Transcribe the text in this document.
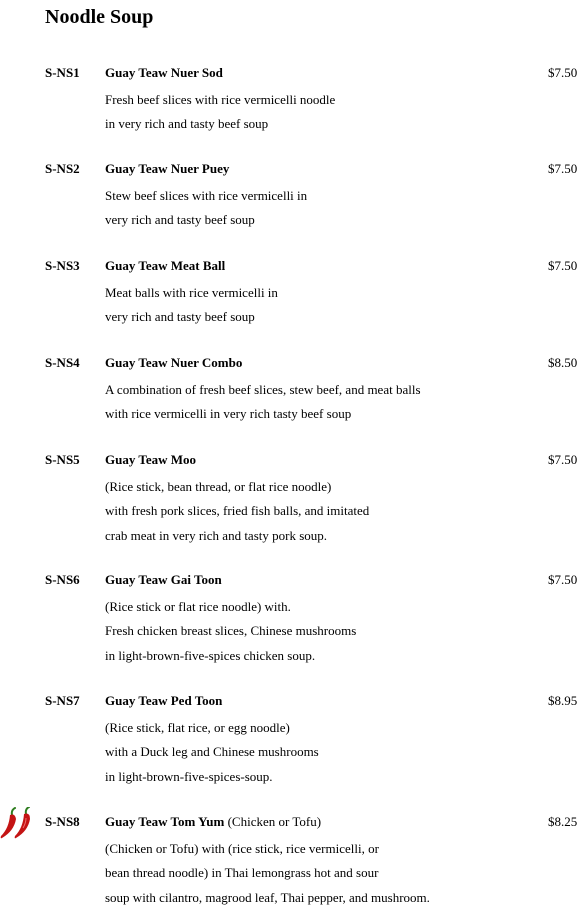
Noodle Soup
S-NS1 Guay Teaw Nuer Sod	$7.50
Fresh beef slices with rice vermicelli noodle
in very rich and tasty beef soup
S-NS2 Guay Teaw Nuer Puey	$7.50
Stew beef slices with rice vermicelli in
very rich and tasty beef soup
S-NS3 Guay Teaw Meat Ball	$7.50
Meat balls with rice vermicelli in
very rich and tasty beef soup
S-NS4 Guay Teaw Nuer Combo	$8.50
A combination of fresh beef slices, stew beef, and meat balls
with rice vermicelli in very rich tasty beef soup
S-NS5 Guay Teaw Moo	$7.50
(Rice stick, bean thread, or flat rice noodle)
with fresh pork slices, fried fish balls, and imitated
crab meat in very rich and tasty pork soup.
S-NS6 Guay Teaw Gai Toon	$7.50
(Rice stick or flat rice noodle) with.
Fresh chicken breast slices, Chinese mushrooms
in light-brown-five-spices chicken soup.
S-NS7 Guay Teaw Ped Toon	$8.95
(Rice stick, flat rice, or egg noodle)
with a Duck leg and Chinese mushrooms
in light-brown-five-spices-soup.
S-NS8 Guay Teaw Tom Yum (Chicken or Tofu)	$8.25
(Chicken or Tofu) with (rice stick, rice vermicelli, or
bean thread noodle) in Thai lemongrass hot and sour
soup with cilantro, magrood leaf, Thai pepper, and mushroom.
